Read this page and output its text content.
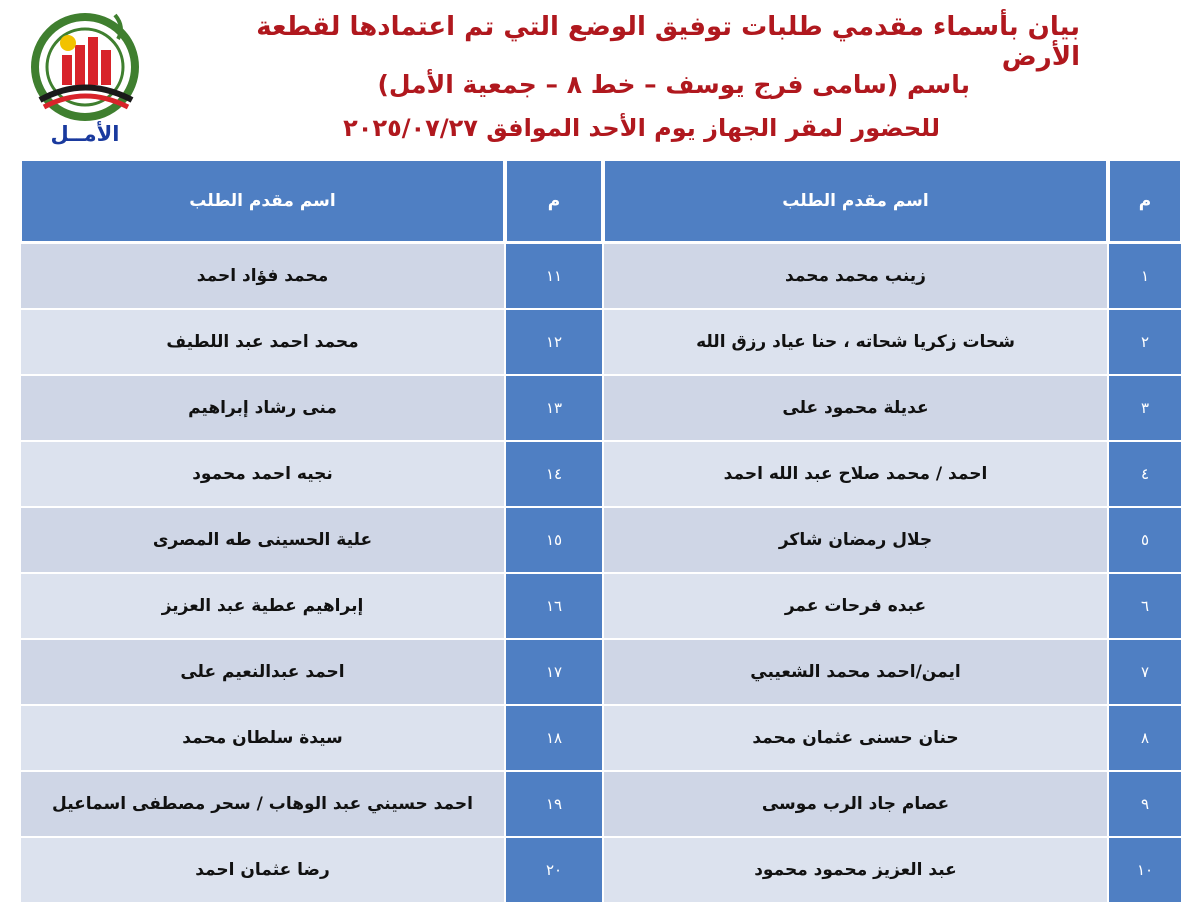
الأمــل
بيان بأسماء مقدمي طلبات توفيق الوضع التي تم اعتمادها لقطعة الأرض
باسم (سامى فرج يوسف – خط ٨ – جمعية الأمل)
للحضور لمقر الجهاز يوم الأحد الموافق ٢٠٢٥/٠٧/٢٧
م	اسم مقدم الطلب	م	اسم مقدم الطلب
١	زينب محمد محمد	١١	محمد فؤاد احمد
٢	شحات زكريا شحاته ، حنا عياد رزق الله	١٢	محمد احمد عبد اللطيف
٣	عديلة محمود على	١٣	منى رشاد إبراهيم
٤	احمد / محمد صلاح عبد الله احمد	١٤	نجيه احمد محمود
٥	جلال رمضان شاكر	١٥	علية الحسينى طه المصرى
٦	عبده فرحات عمر	١٦	إبراهيم عطية عبد العزيز
٧	ايمن/احمد محمد الشعيبي	١٧	احمد عبدالنعيم على
٨	حنان حسنى عثمان محمد	١٨	سيدة سلطان محمد
٩	عصام جاد الرب موسى	١٩	احمد حسيني عبد الوهاب / سحر مصطفى اسماعيل
١٠	عبد العزيز محمود محمود	٢٠	رضا عثمان احمد
